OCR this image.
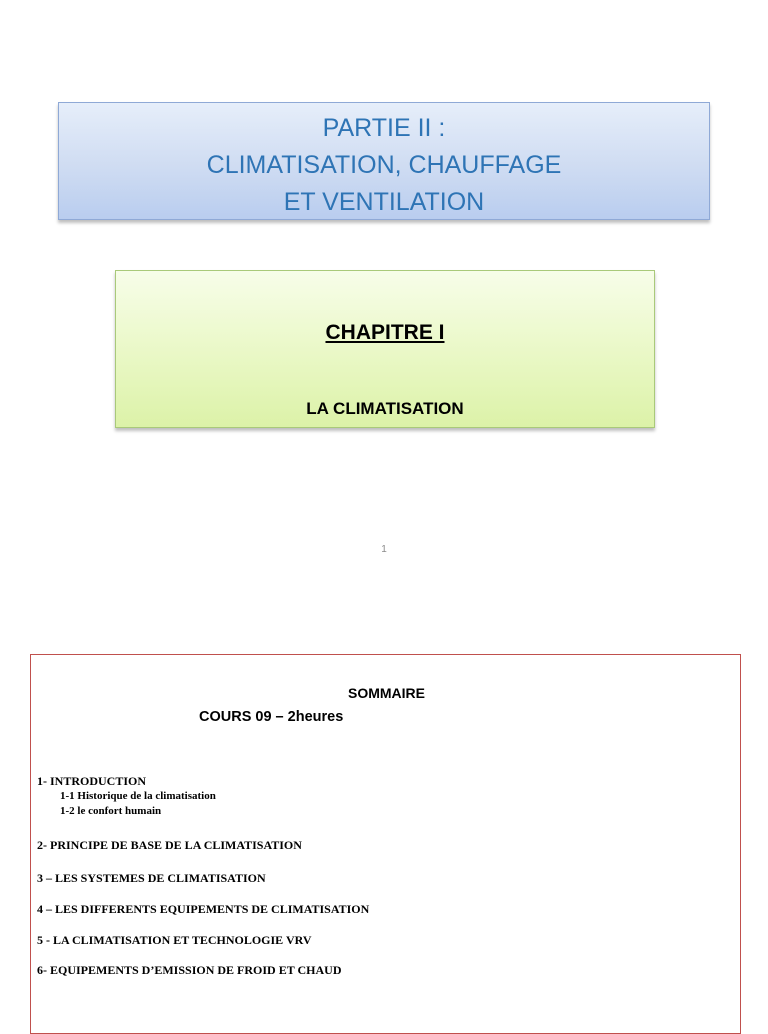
PARTIE II :
CLIMATISATION, CHAUFFAGE
ET VENTILATION
CHAPITRE I
LA CLIMATISATION
1
SOMMAIRE
COURS 09 – 2heures
1- INTRODUCTION
1-1 Historique de la climatisation
1-2 le confort humain
2- PRINCIPE DE BASE DE LA CLIMATISATION
3 – LES SYSTEMES DE CLIMATISATION
4 – LES DIFFERENTS EQUIPEMENTS DE CLIMATISATION
5 - LA CLIMATISATION ET TECHNOLOGIE VRV
6- EQUIPEMENTS D’EMISSION DE FROID ET CHAUD
